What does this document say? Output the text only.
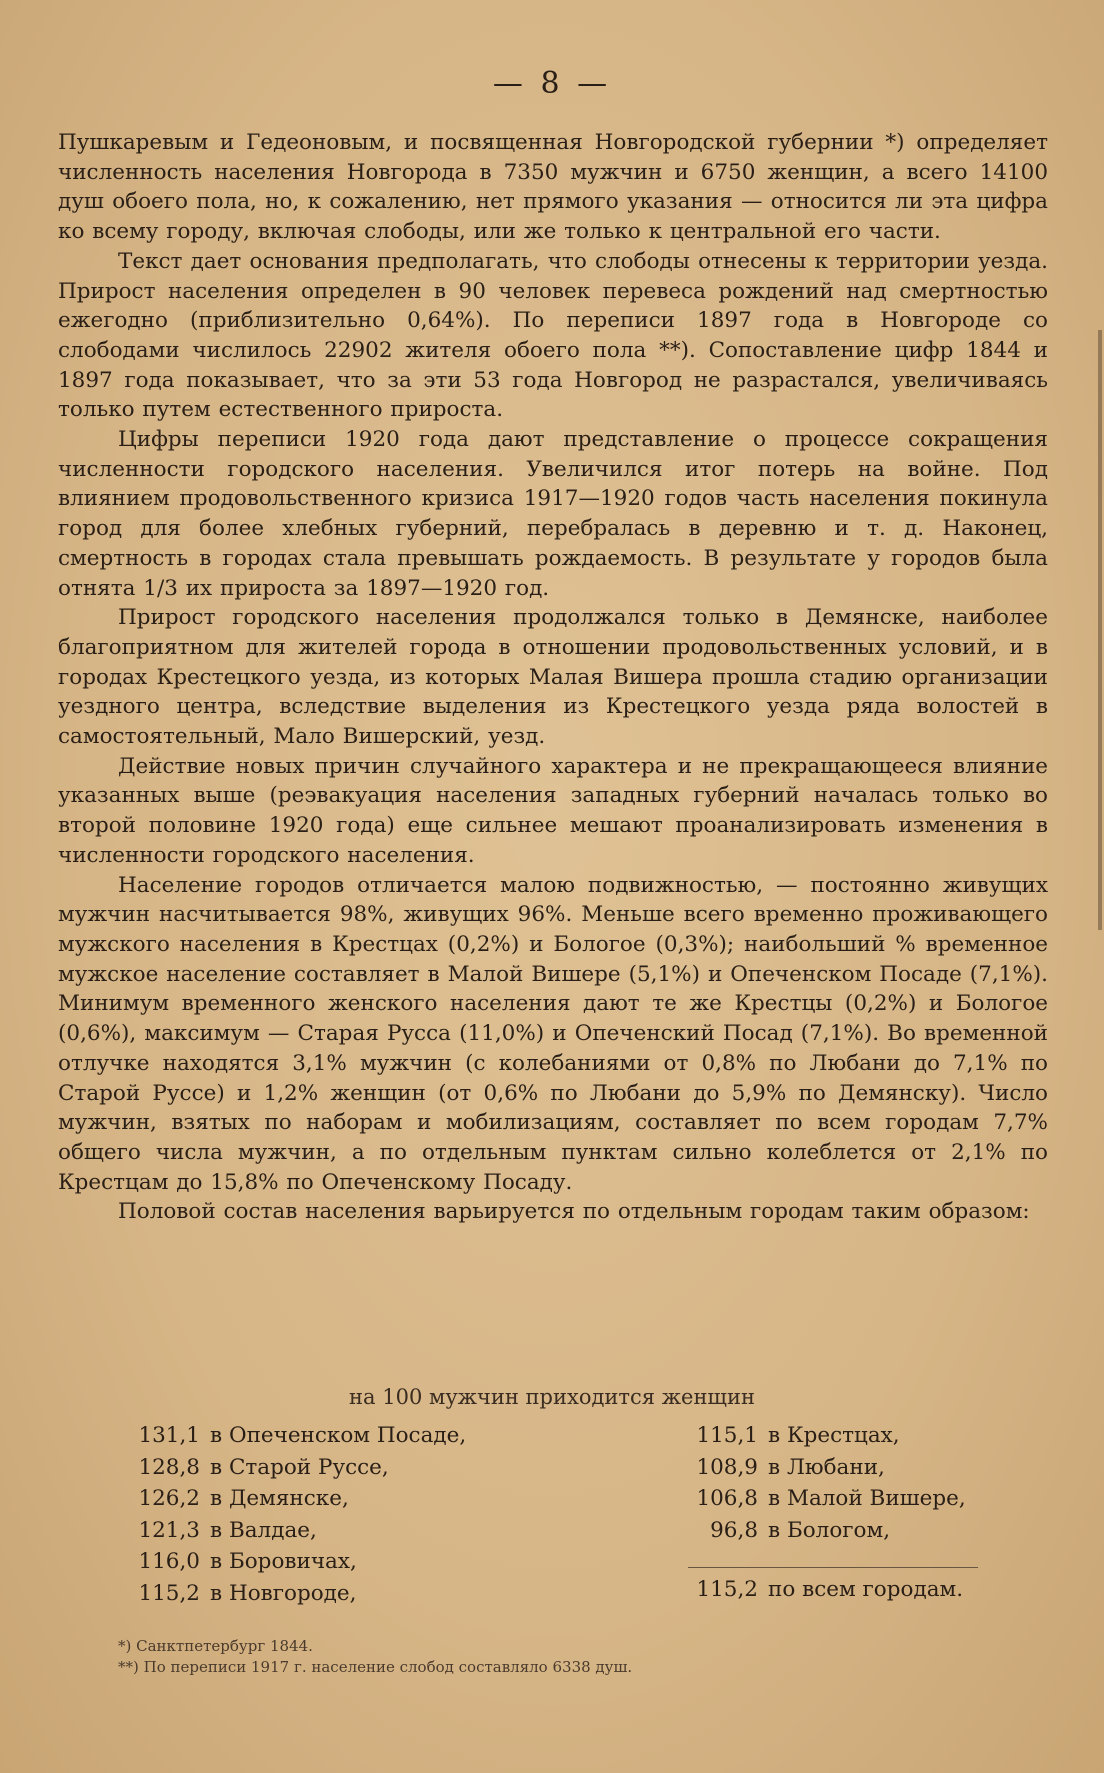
— 8 —

Пушкаревым и Гедеоновым, и посвященная Новгородской губернии *) определяет численность населения Новгорода в 7350 мужчин и 6750 женщин, а всего 14100 душ обоего пола, но, к сожалению, нет прямого указания — относится ли эта цифра ко всему городу, включая слободы, или же только к центральной его части.

Текст дает основания предполагать, что слободы отнесены к территории уезда. Прирост населения определен в 90 человек перевеса рождений над смертностью ежегодно (приблизительно 0,64%). По переписи 1897 года в Новгороде со слободами числилось 22902 жителя обоего пола **). Сопоставление цифр 1844 и 1897 года показывает, что за эти 53 года Новгород не разрастался, увеличиваясь только путем естественного прироста.

Цифры переписи 1920 года дают представление о процессе сокращения численности городского населения. Увеличился итог потерь на войне. Под влиянием продовольственного кризиса 1917—1920 годов часть населения покинула город для более хлебных губерний, перебралась в деревню и т. д. Наконец, смертность в городах стала превышать рождаемость. В результате у городов была отнята 1/3 их прироста за 1897—1920 год.

Прирост городского населения продолжался только в Демянске, наиболее благоприятном для жителей города в отношении продовольственных условий, и в городах Крестецкого уезда, из которых Малая Вишера прошла стадию организации уездного центра, вследствие выделения из Крестецкого уезда ряда волостей в самостоятельный, Мало Вишерский, уезд.

Действие новых причин случайного характера и не прекращающееся влияние указанных выше (реэвакуация населения западных губерний началась только во второй половине 1920 года) еще сильнее мешают проанализировать изменения в численности городского населения.

Население городов отличается малою подвижностью, — постоянно живущих мужчин насчитывается 98%, живущих 96%. Меньше всего временно проживающего мужского населения в Крестцах (0,2%) и Бологое (0,3%); наибольший % временное мужское население составляет в Малой Вишере (5,1%) и Опеченском Посаде (7,1%). Минимум временного женского населения дают те же Крестцы (0,2%) и Бологое (0,6%), максимум — Старая Русса (11,0%) и Опеченский Посад (7,1%). Во временной отлучке находятся 3,1% мужчин (с колебаниями от 0,8% по Любани до 7,1% по Старой Руссе) и 1,2% женщин (от 0,6% по Любани до 5,9% по Демянску). Число мужчин, взятых по наборам и мобилизациям, составляет по всем городам 7,7% общего числа мужчин, а по отдельным пунктам сильно колеблется от 2,1% по Крестцам до 15,8% по Опеченскому Посаду.

Половой состав населения варьируется по отдельным городам таким образом:

на 100 мужчин приходится женщин
131,1 в Опеченском Посаде,
128,8 в Старой Руссе,
126,2 в Демянске,
121,3 в Валдае,
116,0 в Боровичах,
115,2 в Новгороде,
115,1 в Крестцах,
108,9 в Любани,
106,8 в Малой Вишере,
96,8 в Бологом,
115,2 по всем городам.
*) Санктпетербург 1844.
**) По переписи 1917 г. население слобод составляло 6338 душ.
